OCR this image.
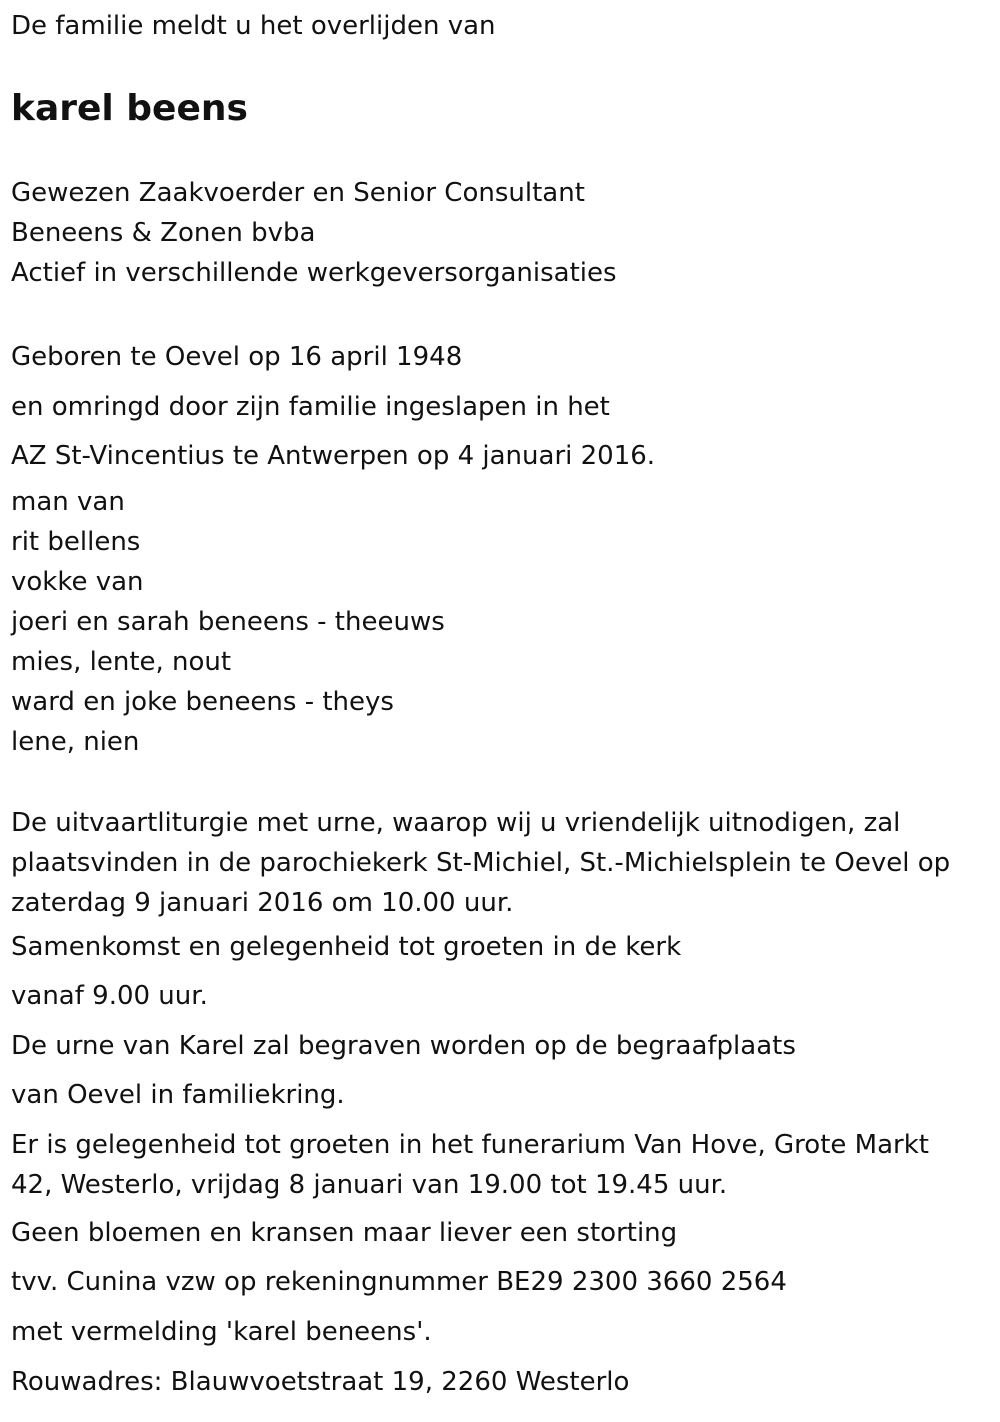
De familie meldt u het overlijden van

karel beens

Gewezen Zaakvoerder en Senior Consultant

Beneens & Zonen bvba

Actief in verschillende werkgeversorganisaties

Geboren te Oevel op 16 april 1948

en omringd door zijn familie ingeslapen in het

AZ St-Vincentius te Antwerpen op 4 januari 2016.

man van

rit bellens

vokke van

joeri en sarah beneens - theeuws

mies, lente, nout

ward en joke beneens - theys

lene, nien

De uitvaartliturgie met urne, waarop wij u vriendelijk uitnodigen, zal

plaatsvinden in de parochiekerk St-Michiel, St.-Michielsplein te Oevel op

zaterdag 9 januari 2016 om 10.00 uur.

Samenkomst en gelegenheid tot groeten in de kerk

vanaf 9.00 uur.

De urne van Karel zal begraven worden op de begraafplaats

van Oevel in familiekring.

Er is gelegenheid tot groeten in het funerarium Van Hove, Grote Markt

42, Westerlo, vrijdag 8 januari van 19.00 tot 19.45 uur.

Geen bloemen en kransen maar liever een storting

tvv. Cunina vzw op rekeningnummer BE29 2300 3660 2564

met vermelding 'karel beneens'.

Rouwadres: Blauwvoetstraat 19, 2260 Westerlo
